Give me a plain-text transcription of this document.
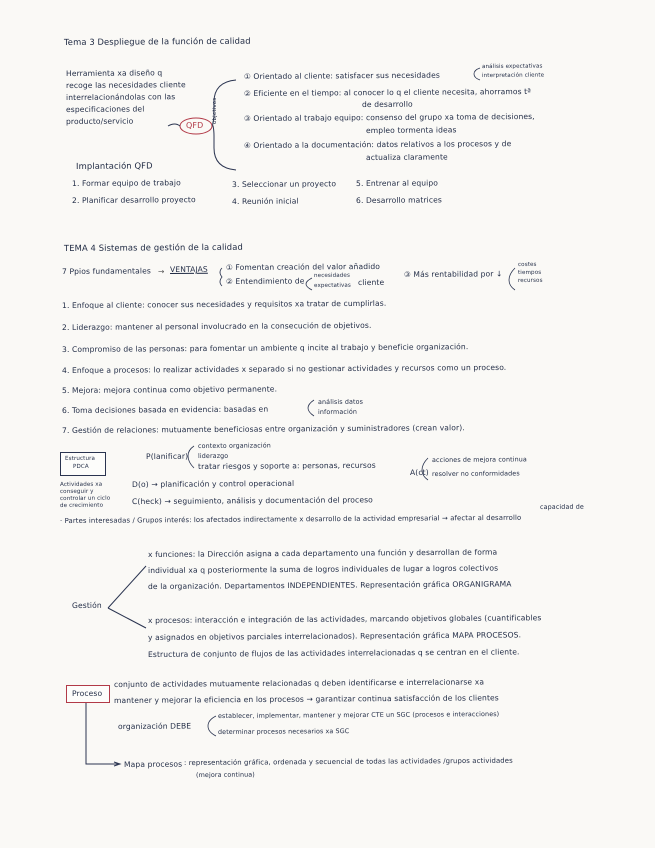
Tema 3 Despliegue de la función de calidad
Herramienta xa diseño q
recoge las necesidades cliente
interrelacionándolas con las
especificaciones del
producto/servicio	QFD
objetivos
① Orientado al cliente: satisfacer sus necesidades
análisis expectativas
interpretación cliente
② Eficiente en el tiempo: al conocer lo q el cliente necesita, ahorramos tª
de desarrollo
③ Orientado al trabajo equipo: consenso del grupo xa toma de decisiones,
empleo tormenta ideas
④ Orientado a la documentación: datos relativos a los procesos y de
actualiza claramente
Implantación QFD
1. Formar equipo de trabajo
2. Planificar desarrollo proyecto
3. Seleccionar un proyecto
4. Reunión inicial
5. Entrenar al equipo
6. Desarrollo matrices
TEMA 4 Sistemas de gestión de la calidad
7 Ppios fundamentales → VENTAJAS ① Fomentan creación del valor añadido
② Entendimiento de
necesidades
expectativas cliente
③ Más rentabilidad por ↓
costes
tiempos
recursos
1. Enfoque al cliente: conocer sus necesidades y requisitos xa tratar de cumplirlas.
2. Liderazgo: mantener al personal involucrado en la consecución de objetivos.
3. Compromiso de las personas: para fomentar un ambiente q incite al trabajo y beneficie organización.
4. Enfoque a procesos: lo realizar actividades x separado si no gestionar actividades y recursos como un proceso.
5. Mejora: mejora continua como objetivo permanente.
6. Toma decisiones basada en evidencia: basadas en
análisis datos
información
7. Gestión de relaciones: mutuamente beneficiosas entre organización y suministradores (crean valor).
Estructura
PDCA
Actividades xa
conseguir y
controlar un ciclo
de crecimiento
P(lanificar)
contexto organización
liderazgo
tratar riesgos y soporte a: personas, recursos
D(o) → planificación y control operacional
C(heck) → seguimiento, análisis y documentación del proceso
A(ct)
acciones de mejora continua
resolver no conformidades
capacidad de
· Partes interesadas / Grupos interés: los afectados indirectamente x desarrollo de la actividad empresarial → afectar al desarrollo
Gestión
x funciones: la Dirección asigna a cada departamento una función y desarrollan de forma
individual xa q posteriormente la suma de logros individuales de lugar a logros colectivos
de la organización. Departamentos INDEPENDIENTES. Representación gráfica ORGANIGRAMA
x procesos: interacción e integración de las actividades, marcando objetivos globales (cuantificables
y asignados en objetivos parciales interrelacionados). Representación gráfica MAPA PROCESOS.
Estructura de conjunto de flujos de las actividades interrelacionadas q se centran en el cliente.
Proceso
conjunto de actividades mutuamente relacionadas q deben identificarse e interrelacionarse xa
mantener y mejorar la eficiencia en los procesos → garantizar continua satisfacción de los clientes
organización DEBE
establecer, implementar, mantener y mejorar CTE un SGC (procesos e interacciones)
determinar procesos necesarios xa SGC
Mapa procesos : representación gráfica, ordenada y secuencial de todas las actividades /grupos actividades
(mejora continua)
